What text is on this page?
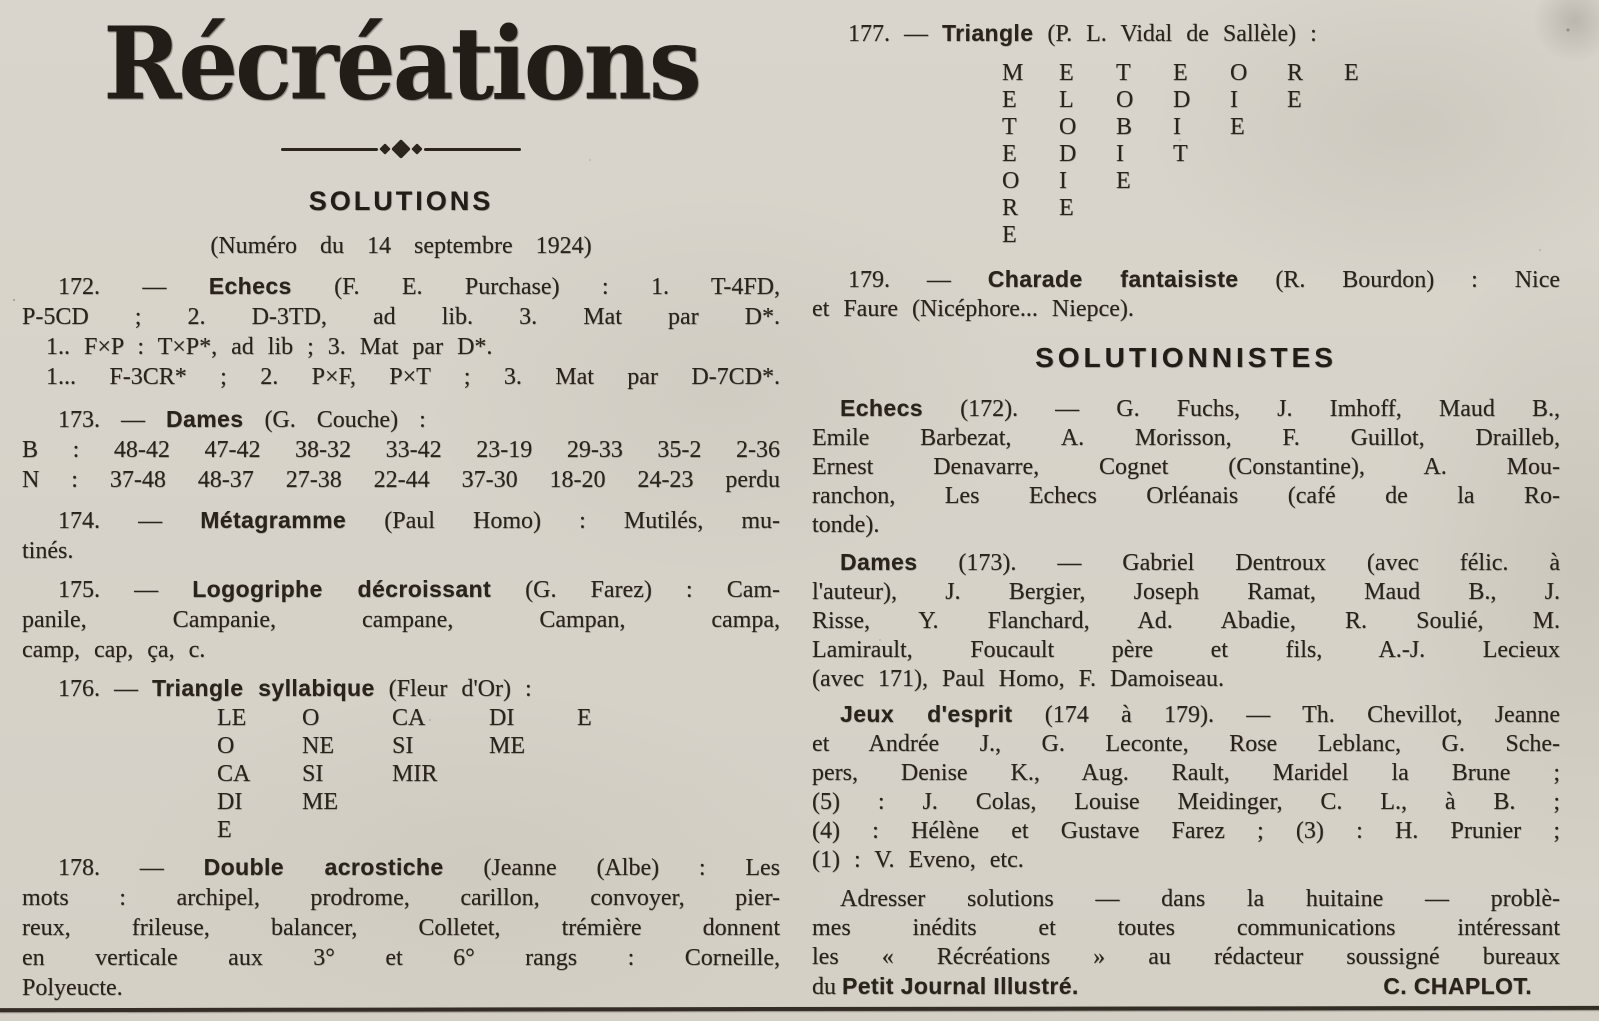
Récréations
SOLUTIONS

(Numéro du 14 septembre 1924)

172. — Echecs (F. E. Purchase) : 1. T-4FD,

P-5CD ; 2. D-3TD, ad lib. 3. Mat par D*.

1.. F×P : T×P*, ad lib ; 3. Mat par D*.

1... F-3CR* ; 2. P×F, P×T ; 3. Mat par D-7CD*.

173. — Dames (G. Couche) :

B : 48-42 47-42 38-32 33-42 23-19 29-33 35-2 2-36

N : 37-48 48-37 27-38 22-44 37-30 18-20 24-23 perdu

174. — Métagramme (Paul Homo) : Mutilés, mu-

tinés.

175. — Logogriphe décroissant (G. Farez) : Cam-

panile, Campanie, campane, Campan, campa,

camp, cap, ça, c.

176. — Triangle syllabique (Fleur d'Or) :

LE	O	CA	DI	E
O	NE	SI	ME
CA	SI	MIR
DI	ME
E

178. — Double acrostiche (Jeanne (Albe) : Les

mots : archipel, prodrome, carillon, convoyer, pier-

reux, frileuse, balancer, Colletet, trémière donnent

en verticale aux 3° et 6° rangs : Corneille,

Polyeucte.

177. — Triangle (P. L. Vidal de Sallèle) :

M	E	T	E	O	R	E
E	L	O	D	I	E
T	O	B	I	E
E	D	I	T
O	I	E
R	E
E

179. — Charade fantaisiste (R. Bourdon) : Nice

et Faure (Nicéphore... Niepce).

SOLUTIONNISTES

Echecs (172). — G. Fuchs, J. Imhoff, Maud B.,

Emile Barbezat, A. Morisson, F. Guillot, Drailleb,

Ernest Denavarre, Cognet (Constantine), A. Mou-

ranchon, Les Echecs Orléanais (café de la Ro-

tonde).

Dames (173). — Gabriel Dentroux (avec félic. à

l'auteur), J. Bergier, Joseph Ramat, Maud B., J.

Risse, Y. Flanchard, Ad. Abadie, R. Soulié, M.

Lamirault, Foucault père et fils, A.-J. Lecieux

(avec 171), Paul Homo, F. Damoiseau.

Jeux d'esprit (174 à 179). — Th. Chevillot, Jeanne

et Andrée J., G. Leconte, Rose Leblanc, G. Sche-

pers, Denise K., Aug. Rault, Maridel la Brune ;

(5) : J. Colas, Louise Meidinger, C. L., à B. ;

(4) : Hélène et Gustave Farez ; (3) : H. Prunier ;

(1) : V. Eveno, etc.

Adresser solutions — dans la huitaine — problè-

mes inédits et toutes communications intéressant

les « Récréations » au rédacteur soussigné bureaux

du Petit Journal Illustré.	C. CHAPLOT.
